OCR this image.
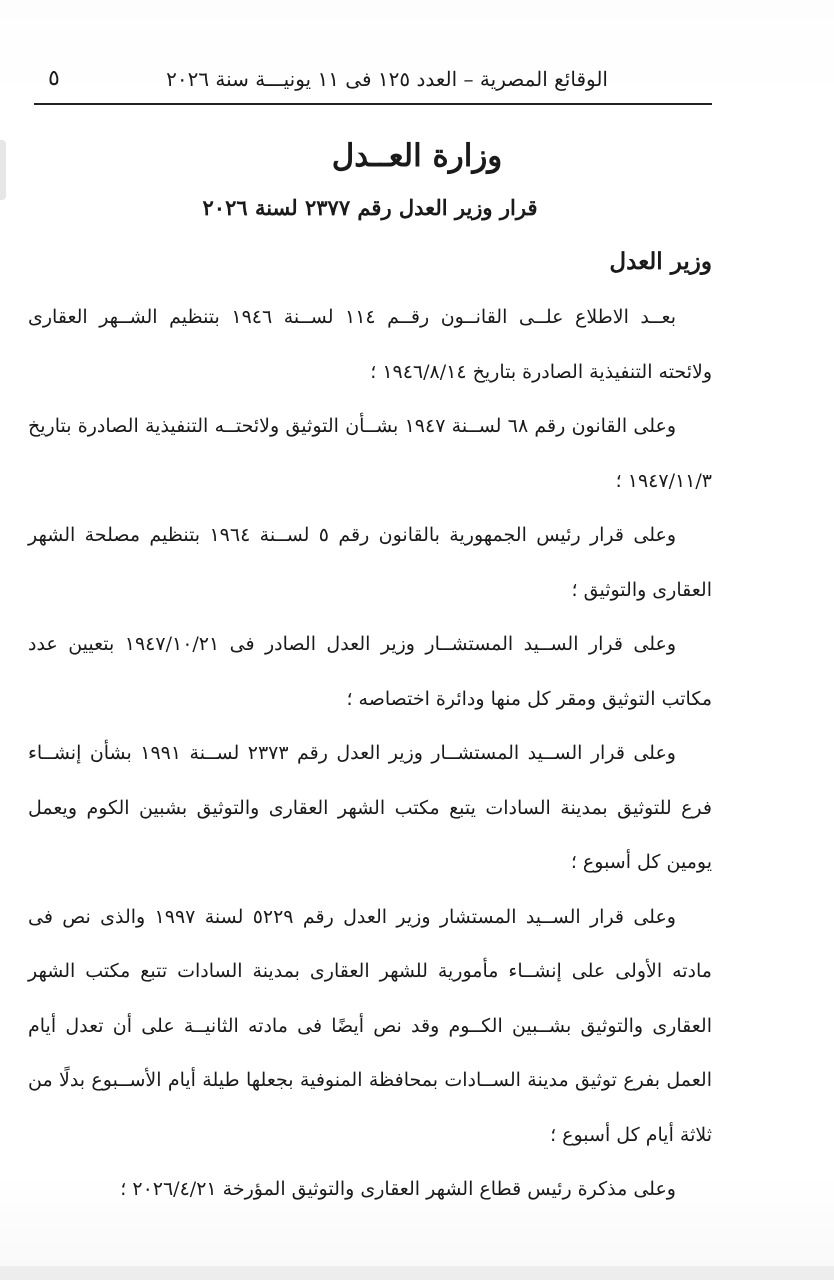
الوقائع المصرية – العدد ١٢٥ فى ١١ يونيـــة سنة ٢٠٢٦
٥
وزارة العــدل
قرار وزير العدل رقم ٢٣٧٧ لسنة ٢٠٢٦
وزير العدل

بعــد الاطلاع علــى القانــون رقــم ١١٤ لســنة ١٩٤٦ بتنظيم الشــهر العقارى ولائحته التنفيذية الصادرة بتاريخ ١٩٤٦/٨/١٤ ؛

وعلى القانون رقم ٦٨ لســنة ١٩٤٧ بشــأن التوثيق ولائحتــه التنفيذية الصادرة بتاريخ ١٩٤٧/١١/٣ ؛

وعلى قرار رئيس الجمهورية بالقانون رقم ٥ لســنة ١٩٦٤ بتنظيم مصلحة الشهر العقارى والتوثيق ؛

وعلى قرار الســيد المستشــار وزير العدل الصادر فى ١٩٤٧/١٠/٢١ بتعيين عدد مكاتب التوثيق ومقر كل منها ودائرة اختصاصه ؛

وعلى قرار الســيد المستشــار وزير العدل رقم ٢٣٧٣ لســنة ١٩٩١ بشأن إنشــاء فرع للتوثيق بمدينة السادات يتبع مكتب الشهر العقارى والتوثيق بشبين الكوم ويعمل يومين كل أسبوع ؛

وعلى قرار الســيد المستشار وزير العدل رقم ٥٢٢٩ لسنة ١٩٩٧ والذى نص فى مادته الأولى على إنشــاء مأمورية للشهر العقارى بمدينة السادات تتبع مكتب الشهر العقارى والتوثيق بشــبين الكــوم وقد نص أيضًا فى مادته الثانيــة على أن تعدل أيام العمل بفرع توثيق مدينة الســادات بمحافظة المنوفية بجعلها طيلة أيام الأســبوع بدلًا من ثلاثة أيام كل أسبوع ؛

وعلى مذكرة رئيس قطاع الشهر العقارى والتوثيق المؤرخة ٢٠٢٦/٤/٢١ ؛
